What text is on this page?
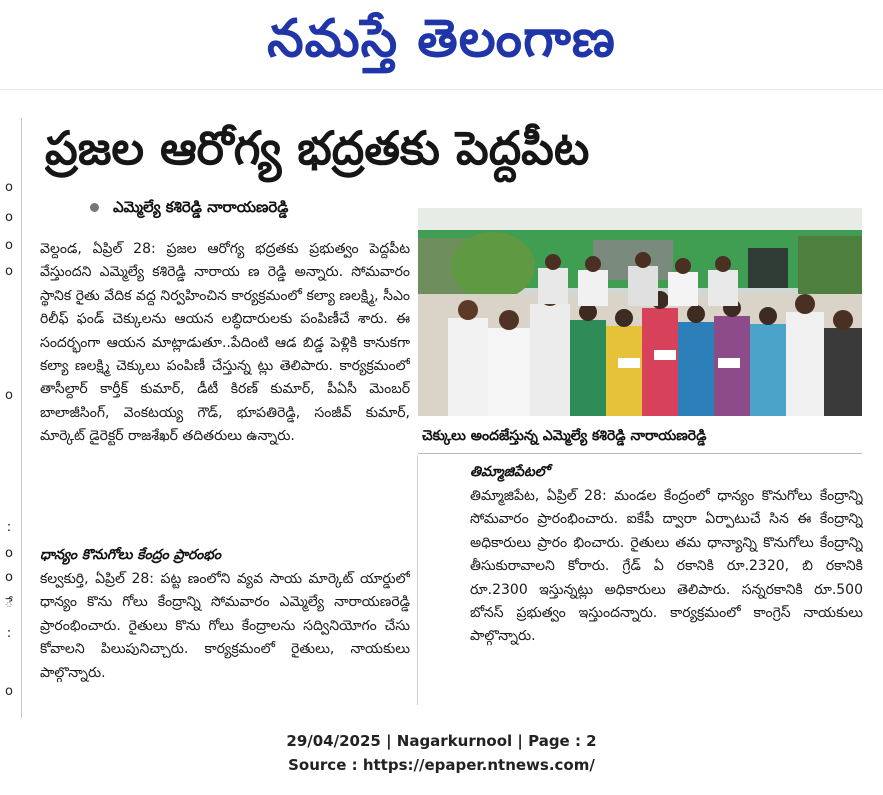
నమస్తే తెలంగాణ
o
o
o
o
o
:
o
o
ే
:
o
ప్రజల ఆరోగ్య భద్రతకు పెద్దపీట
ఎమ్మెల్యే కశిరెడ్డి నారాయణరెడ్డి
చెక్కులు అందజేస్తున్న ఎమ్మెల్యే కశిరెడ్డి నారాయణరెడ్డి

వెల్దండ, ఏప్రిల్ 28: ప్రజల ఆరోగ్య భద్రతకు ప్రభుత్వం పెద్దపీట వేస్తుందని ఎమ్మెల్యే కశిరెడ్డి నారాయ ణ రెడ్డి అన్నారు. సోమవారం స్థానిక రైతు వేదిక వద్ద నిర్వహించిన కార్యక్రమంలో కల్యా ణలక్ష్మి, సీఎం రిలీఫ్ ఫండ్ చెక్కులను ఆయన లబ్ధిదారులకు పంపిణీచే శారు. ఈ సందర్భంగా ఆయన మాట్లాడుతూ..పేదింటి ఆడ బిడ్డ పెళ్లికి కానుకగా కల్యా ణలక్ష్మి చెక్కులు పంపిణీ చేస్తున్న ట్లు తెలిపారు. కార్యక్రమంలో తాసీల్దార్ కార్తీక్ కుమార్, డీటీ కిరణ్ కుమార్, పీఏసీ మెంబర్ బాలాజీసింగ్, వెంకటయ్య గౌడ్, భూపతిరెడ్డి, సంజీవ్ కుమార్, మార్కెట్ డైరెక్టర్ రాజశేఖర్ తదితరులు ఉన్నారు.

ధాన్యం కొనుగోలు కేంద్రం ప్రారంభం

కల్వకుర్తి, ఏప్రిల్ 28: పట్ట ణంలోని వ్యవ సాయ మార్కెట్ యార్డులో ధాన్యం కొను గోలు కేంద్రాన్ని సోమవారం ఎమ్మెల్యే నారాయణరెడ్డి ప్రారంభించారు. రైతులు కొను గోలు కేంద్రాలను సద్వినియోగం చేసు కోవాలని పిలుపునిచ్చారు. కార్యక్రమంలో రైతులు, నాయకులు పాల్గొన్నారు.

తిమ్మాజిపేటలో

తిమ్మాజిపేట, ఏప్రిల్ 28: మండల కేంద్రంలో ధాన్యం కొనుగోలు కేంద్రాన్ని సోమవారం ప్రారంభించారు. ఐకేపీ ద్వారా ఏర్పాటుచే సిన ఈ కేంద్రాన్ని అధికారులు ప్రారం భించారు. రైతులు తమ ధాన్యాన్ని కొనుగోలు కేంద్రాన్ని తీసుకురావాలని కోరారు. గ్రేడ్ ఏ రకానికి రూ.2320, బి రకానికి రూ.2300 ఇస్తున్నట్లు అధికారులు తెలిపారు. సన్నరకానికి రూ.500 బోనస్ ప్రభుత్వం ఇస్తుందన్నారు. కార్యక్రమంలో కాంగ్రెస్ నాయకులు పాల్గొన్నారు.

29/04/2025 | Nagarkurnool | Page : 2
Source : https://epaper.ntnews.com/
